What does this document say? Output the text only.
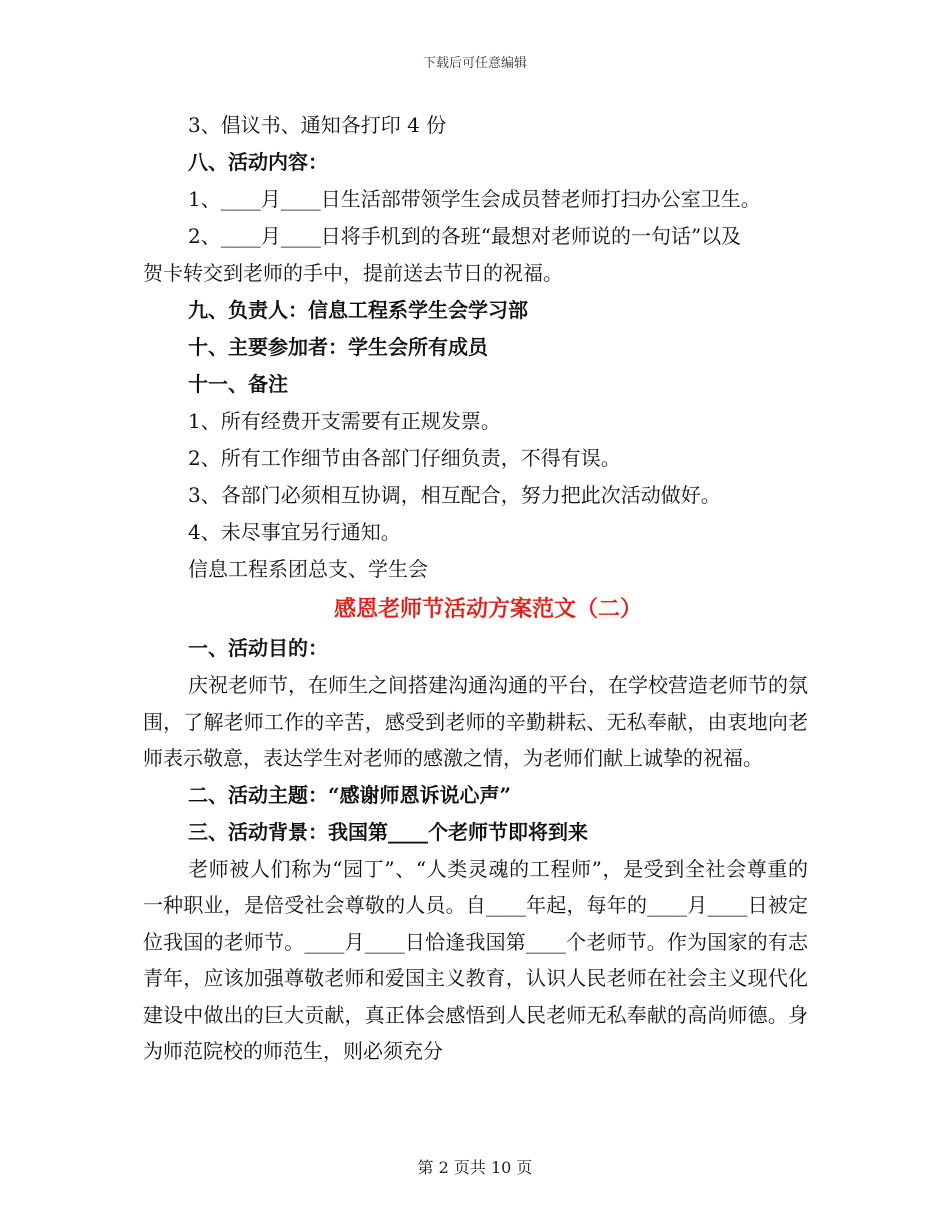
下载后可任意编辑
3、倡议书、通知各打印 4 份
八、活动内容：
1、____月____日生活部带领学生会成员替老师打扫办公室卫生。
2、____月____日将手机到的各班“最想对老师说的一句话”以及
贺卡转交到老师的手中，提前送去节日的祝福。
九、负责人：信息工程系学生会学习部
十、主要参加者：学生会所有成员
十一、备注
1、所有经费开支需要有正规发票。
2、所有工作细节由各部门仔细负责，不得有误。
3、各部门必须相互协调，相互配合，努力把此次活动做好。
4、未尽事宜另行通知。
信息工程系团总支、学生会
感恩老师节活动方案范文（二）
一、活动目的：
庆祝老师节，在师生之间搭建沟通沟通的平台，在学校营造老师节的氛围，了解老师工作的辛苦，感受到老师的辛勤耕耘、无私奉献，由衷地向老师表示敬意，表达学生对老师的感激之情，为老师们献上诚挚的祝福。
二、活动主题：“感谢师恩诉说心声”
三、活动背景：我国第____个老师节即将到来
老师被人们称为“园丁”、“人类灵魂的工程师”，是受到全社会尊重的一种职业，是倍受社会尊敬的人员。自____年起，每年的____月____日被定位我国的老师节。____月____日恰逢我国第____个老师节。作为国家的有志青年，应该加强尊敬老师和爱国主义教育，认识人民老师在社会主义现代化建设中做出的巨大贡献，真正体会感悟到人民老师无私奉献的高尚师德。身为师范院校的师范生，则必须充分
第 2 页共 10 页
